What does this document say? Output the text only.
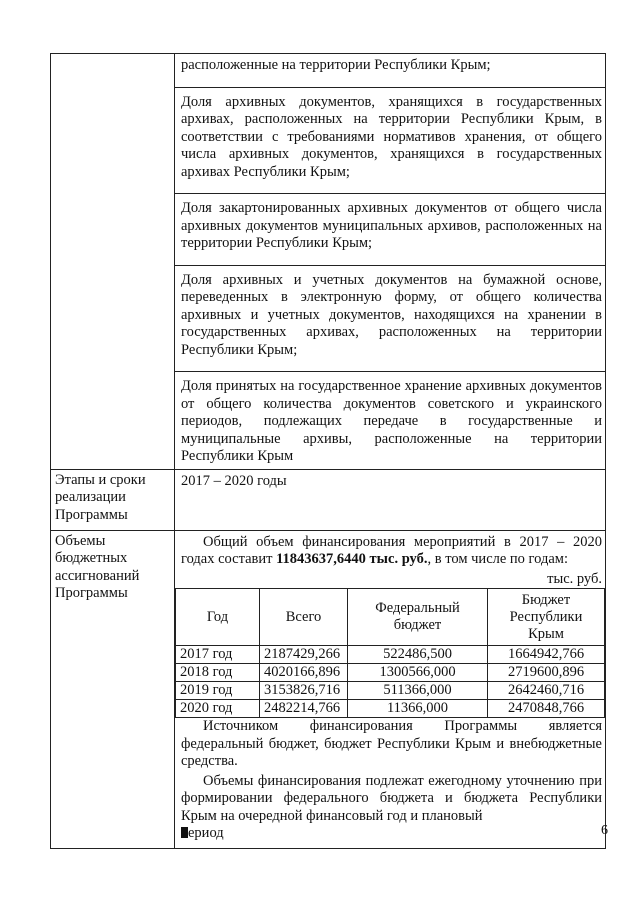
расположенные на территории Республики Крым;
Доля архивных документов, хранящихся в государственных архивах, расположенных на территории Республики Крым, в соответствии с требованиями нормативов хранения, от общего числа архивных документов, хранящихся в государственных архивах Республики Крым;
Доля закартонированных архивных документов от общего числа архивных документов муниципальных архивов, расположенных на территории Республики Крым;
Доля архивных и учетных документов на бумажной основе, переведенных в электронную форму, от общего количества архивных и учетных документов, находящихся на хранении в государственных архивах, расположенных на территории Республики Крым;
Доля принятых на государственное хранение архивных документов от общего количества документов советского и украинского периодов, подлежащих передаче в государственные и муниципальные архивы, расположенные на территории Республики Крым

Этапы и сроки реализации Программы	
2017 – 2020 годы

Объемы бюджетных ассигнований Программы	
Общий объем финансирования мероприятий в 2017 – 2020 годах составит 11843637,6440 тыс. руб., в том числе по годам:
тыс. руб.
Год	Всего	Федеральный бюджет	Бюджет Республики Крым
2017 год	2187429,266	522486,500	1664942,766
2018 год	4020166,896	1300566,000	2719600,896
2019 год	3153826,716	511366,000	2642460,716
2020 год	2482214,766	11366,000	2470848,766
Источником финансирования Программы является федеральный бюджет, бюджет Республики Крым и внебюджетные средства.
Объемы финансирования подлежат ежегодному уточнению при формировании федерального бюджета и бюджета Республики Крым на очередной финансовый год и плановый
ериод	6
